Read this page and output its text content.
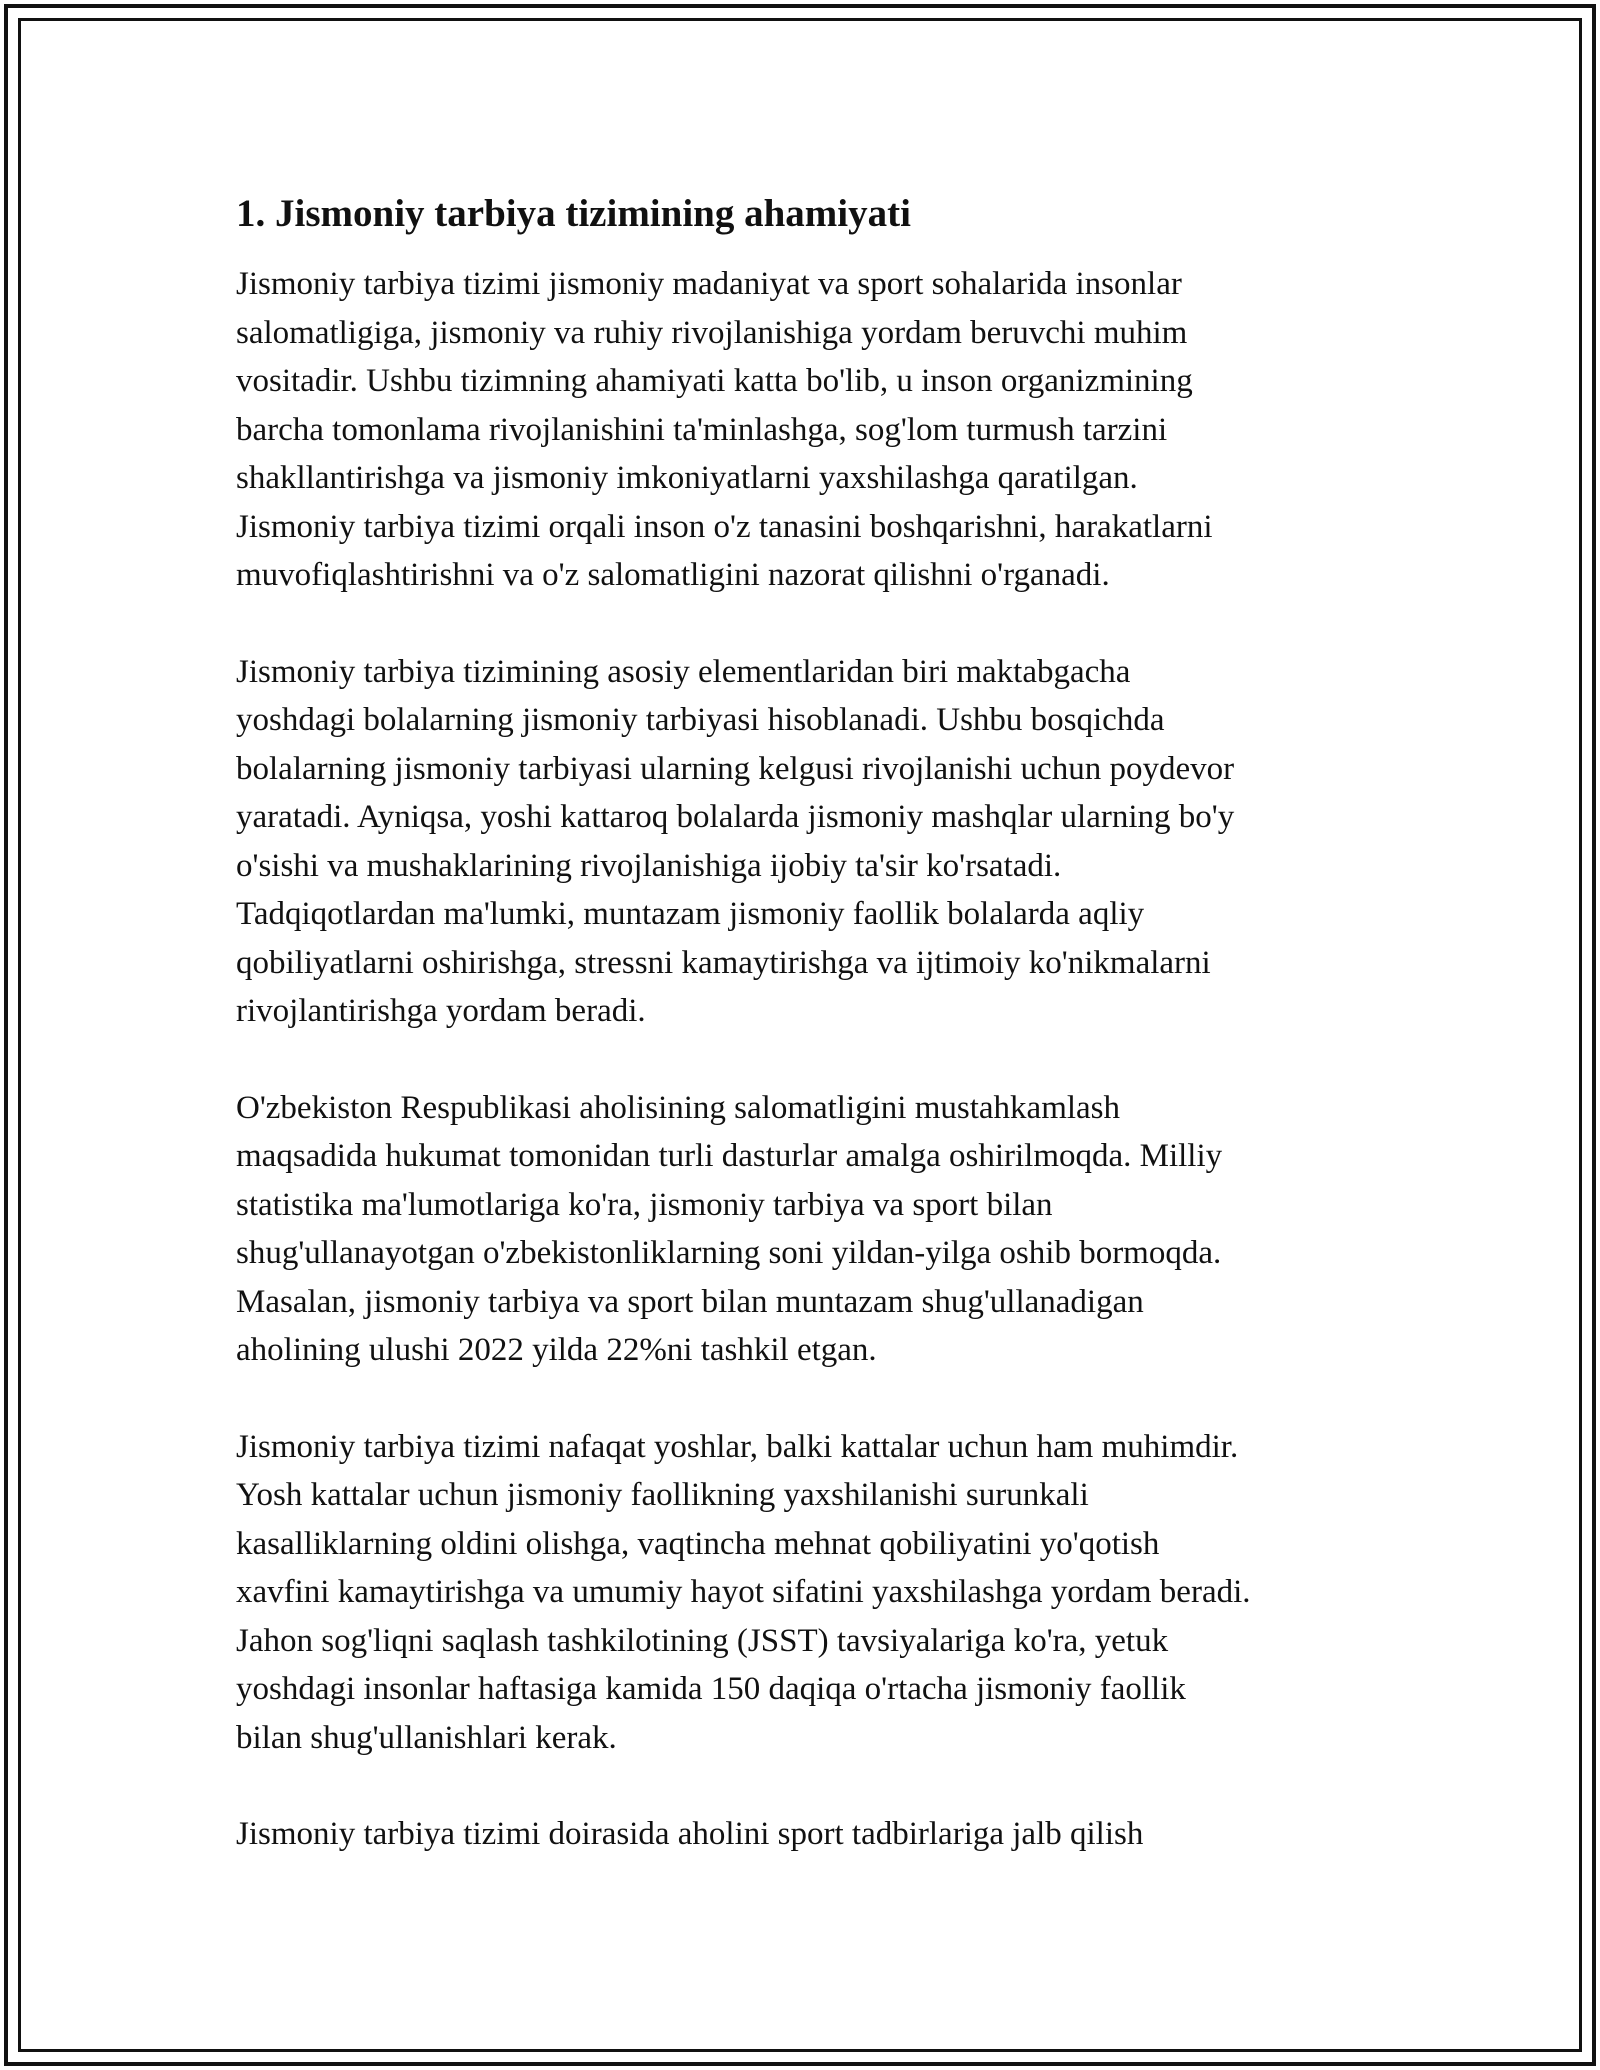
1. Jismoniy tarbiya tizimining ahamiyati

Jismoniy tarbiya tizimi jismoniy madaniyat va sport sohalarida insonlar
salomatligiga, jismoniy va ruhiy rivojlanishiga yordam beruvchi muhim
vositadir. Ushbu tizimning ahamiyati katta bo'lib, u inson organizmining
barcha tomonlama rivojlanishini ta'minlashga, sog'lom turmush tarzini
shakllantirishga va jismoniy imkoniyatlarni yaxshilashga qaratilgan.
Jismoniy tarbiya tizimi orqali inson o'z tanasini boshqarishni, harakatlarni
muvofiqlashtirishni va o'z salomatligini nazorat qilishni o'rganadi.

Jismoniy tarbiya tizimining asosiy elementlaridan biri maktabgacha
yoshdagi bolalarning jismoniy tarbiyasi hisoblanadi. Ushbu bosqichda
bolalarning jismoniy tarbiyasi ularning kelgusi rivojlanishi uchun poydevor
yaratadi. Ayniqsa, yoshi kattaroq bolalarda jismoniy mashqlar ularning bo'y
o'sishi va mushaklarining rivojlanishiga ijobiy ta'sir ko'rsatadi.
Tadqiqotlardan ma'lumki, muntazam jismoniy faollik bolalarda aqliy
qobiliyatlarni oshirishga, stressni kamaytirishga va ijtimoiy ko'nikmalarni
rivojlantirishga yordam beradi.

O'zbekiston Respublikasi aholisining salomatligini mustahkamlash
maqsadida hukumat tomonidan turli dasturlar amalga oshirilmoqda. Milliy
statistika ma'lumotlariga ko'ra, jismoniy tarbiya va sport bilan
shug'ullanayotgan o'zbekistonliklarning soni yildan-yilga oshib bormoqda.
Masalan, jismoniy tarbiya va sport bilan muntazam shug'ullanadigan
aholining ulushi 2022 yilda 22%ni tashkil etgan.

Jismoniy tarbiya tizimi nafaqat yoshlar, balki kattalar uchun ham muhimdir.
Yosh kattalar uchun jismoniy faollikning yaxshilanishi surunkali
kasalliklarning oldini olishga, vaqtincha mehnat qobiliyatini yo'qotish
xavfini kamaytirishga va umumiy hayot sifatini yaxshilashga yordam beradi.
Jahon sog'liqni saqlash tashkilotining (JSST) tavsiyalariga ko'ra, yetuk
yoshdagi insonlar haftasiga kamida 150 daqiqa o'rtacha jismoniy faollik
bilan shug'ullanishlari kerak.

Jismoniy tarbiya tizimi doirasida aholini sport tadbirlariga jalb qilish
